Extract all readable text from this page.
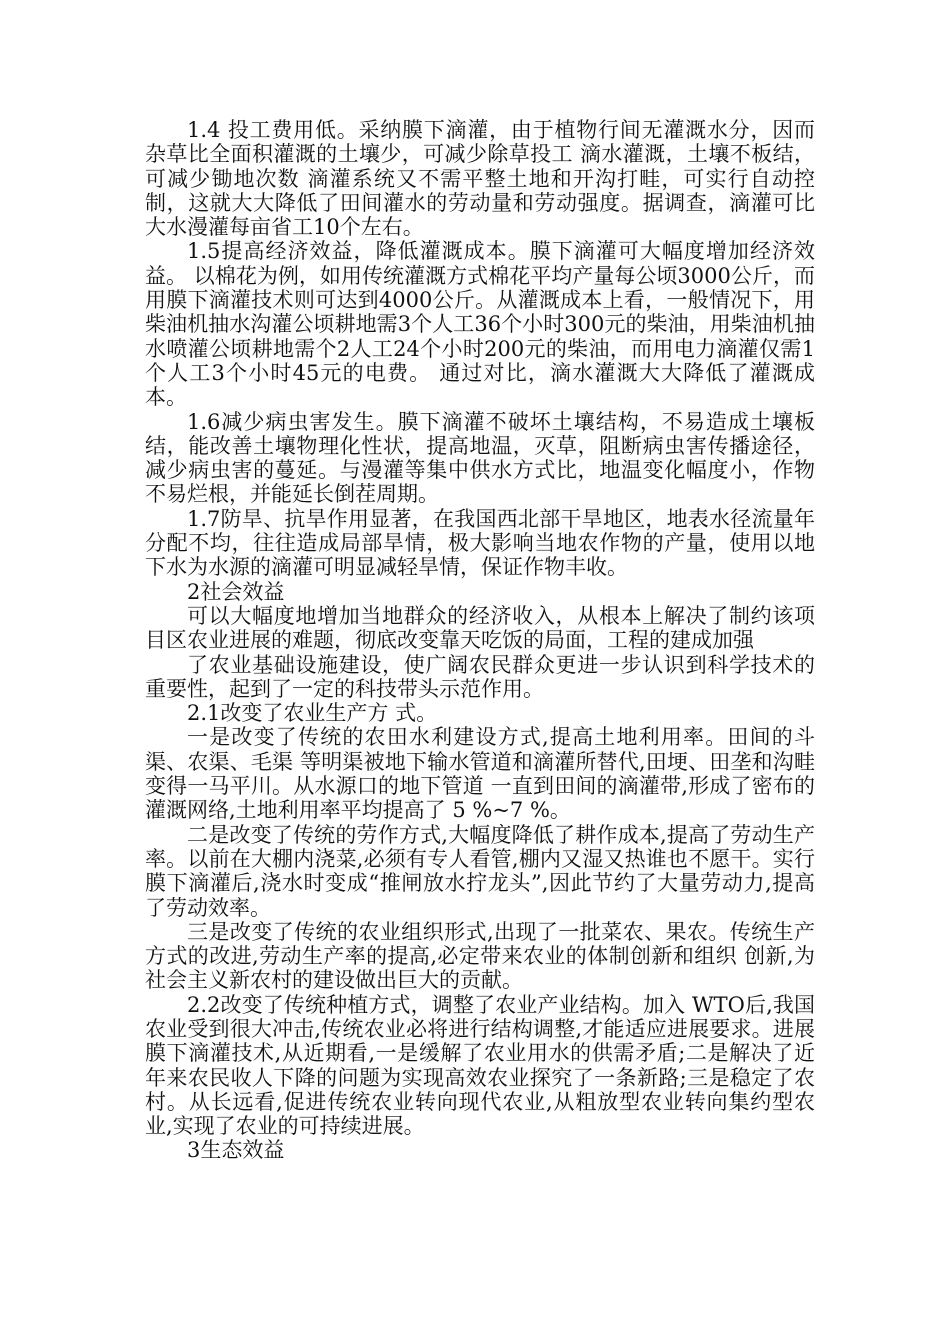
1.4 投工费用低。采纳膜下滴灌，由于植物行间无灌溉水分，因而杂草比全面积灌溉的土壤少，可减少除草投工 滴水灌溉，土壤不板结，可减少锄地次数 滴灌系统又不需平整土地和开沟打畦，可实行自动控制，这就大大降低了田间灌水的劳动量和劳动强度。据调查，滴灌可比大水漫灌每亩省工10个左右。

1.5提高经济效益，降低灌溉成本。膜下滴灌可大幅度增加经济效益。 以棉花为例，如用传统灌溉方式棉花平均产量每公顷3000公斤，而用膜下滴灌技术则可达到4000公斤。从灌溉成本上看，一般情况下，用柴油机抽水沟灌公顷耕地需3个人工36个小时300元的柴油，用柴油机抽水喷灌公顷耕地需个2人工24个小时200元的柴油，而用电力滴灌仅需1个人工3个小时45元的电费。 通过对比，滴水灌溉大大降低了灌溉成本。

1.6减少病虫害发生。膜下滴灌不破坏土壤结构，不易造成土壤板结，能改善土壤物理化性状，提高地温，灭草，阻断病虫害传播途径，减少病虫害的蔓延。与漫灌等集中供水方式比，地温变化幅度小，作物不易烂根，并能延长倒茬周期。

1.7防旱、抗旱作用显著，在我国西北部干旱地区，地表水径流量年分配不均，往往造成局部旱情，极大影响当地农作物的产量，使用以地下水为水源的滴灌可明显减轻旱情，保证作物丰收。

2社会效益

可以大幅度地增加当地群众的经济收入，从根本上解决了制约该项目区农业进展的难题，彻底改变靠天吃饭的局面，工程的建成加强

了农业基础设施建设，使广阔农民群众更进一步认识到科学技术的重要性，起到了一定的科技带头示范作用。

2.1改变了农业生产方 式。

一是改变了传统的农田水利建设方式,提高土地利用率。田间的斗渠、农渠、毛渠 等明渠被地下输水管道和滴灌所替代,田埂、田垄和沟畦变得一马平川。从水源口的地下管道 一直到田间的滴灌带,形成了密布的灌溉网络,土地利用率平均提高了 5 %~7 %。

二是改变了传统的劳作方式,大幅度降低了耕作成本,提高了劳动生产率。以前在大棚内浇菜,必须有专人看管,棚内又湿又热谁也不愿干。实行膜下滴灌后,浇水时变成“推闸放水拧龙头”,因此节约了大量劳动力,提高了劳动效率。

三是改变了传统的农业组织形式,出现了一批菜农、果农。传统生产方式的改进,劳动生产率的提高,必定带来农业的体制创新和组织 创新,为社会主义新农村的建设做出巨大的贡献。

2.2改变了传统种植方式，调整了农业产业结构。加入 WTO后,我国农业受到很大冲击,传统农业必将进行结构调整,才能适应进展要求。进展膜下滴灌技术,从近期看,一是缓解了农业用水的供需矛盾;二是解决了近年来农民收人下降的问题为实现高效农业探究了一条新路;三是稳定了农村。从长远看,促进传统农业转向现代农业,从粗放型农业转向集约型农业,实现了农业的可持续进展。

3生态效益
